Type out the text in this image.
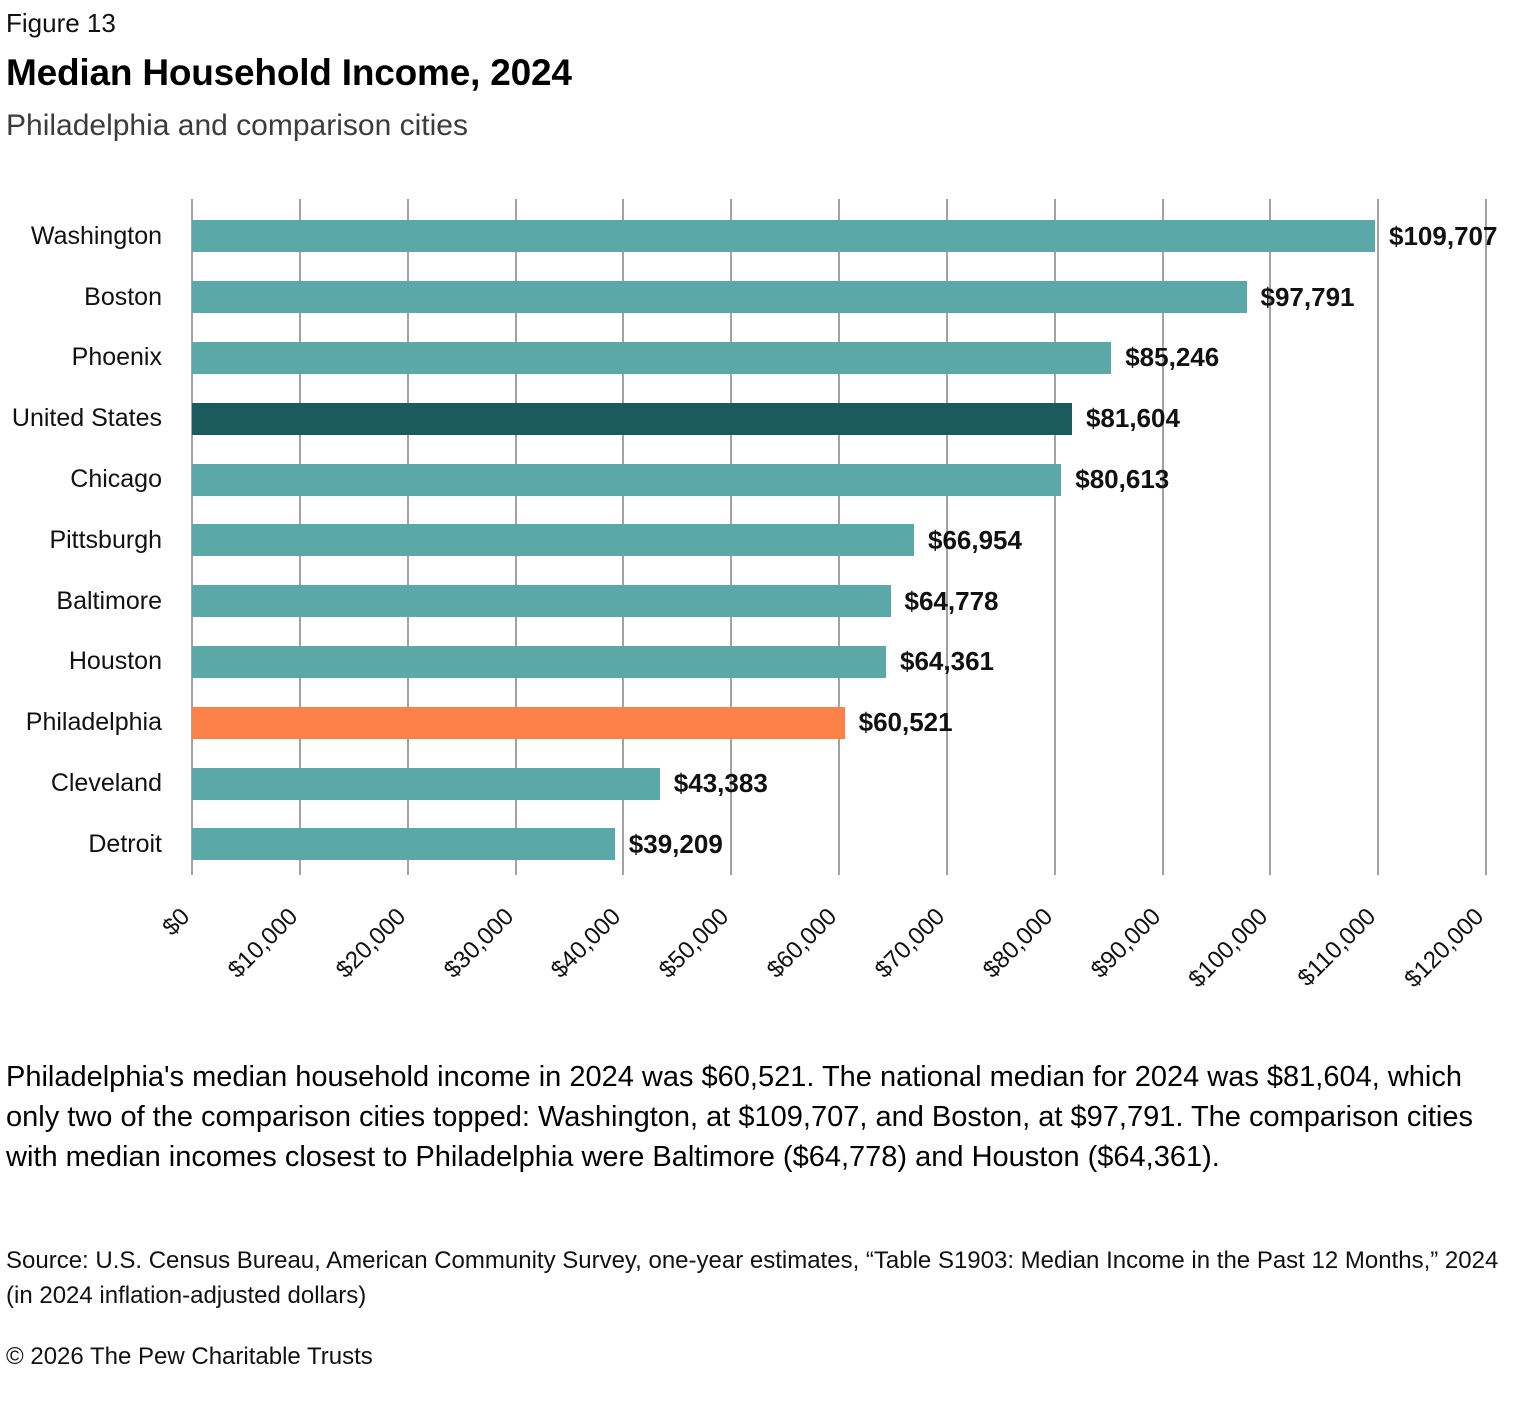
Figure 13
Median Household Income, 2024
Philadelphia and comparison cities
Washington	$109,707
Boston	$97,791
Phoenix	$85,246
United States	$81,604
Chicago	$80,613
Pittsburgh	$66,954
Baltimore	$64,778
Houston	$64,361
Philadelphia	$60,521
Cleveland	$43,383
Detroit	$39,209
$0 $10,000 $20,000 $30,000 $40,000 $50,000 $60,000 $70,000 $80,000 $90,000 $100,000 $110,000 $120,000

Philadelphia's median household income in 2024 was $60,521. The national median for 2024 was $81,604, which only two of the comparison cities topped: Washington, at $109,707, and Boston, at $97,791. The comparison cities with median incomes closest to Philadelphia were Baltimore ($64,778) and Houston ($64,361).

Source: U.S. Census Bureau, American Community Survey, one-year estimates, “Table S1903: Median Income in the Past 12 Months,” 2024 (in 2024 inflation-adjusted dollars)

© 2026 The Pew Charitable Trusts
